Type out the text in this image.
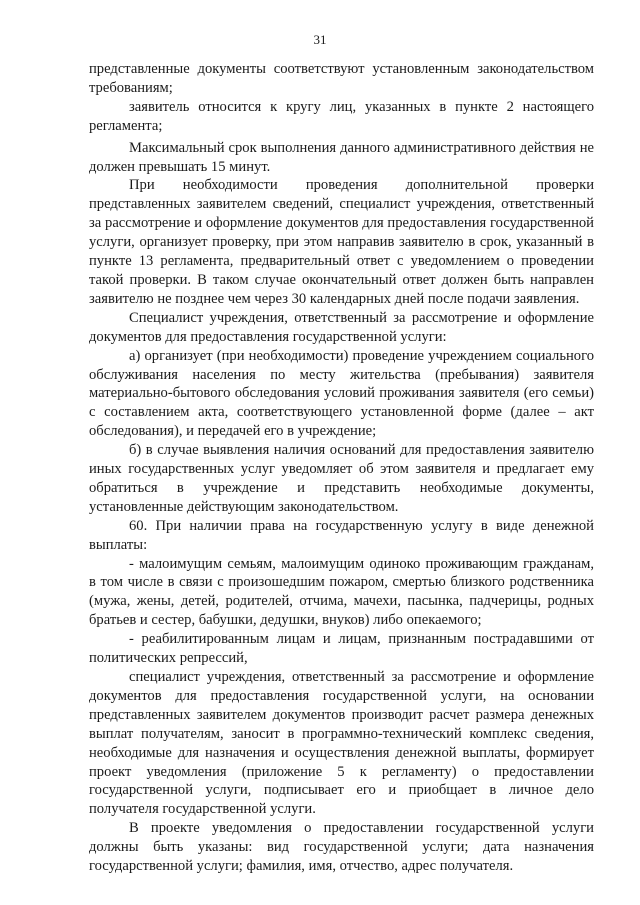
31

представленные документы соответствуют установленным законодательством требованиям;

заявитель относится к кругу лиц, указанных в пункте 2 настоящего регламента;

Максимальный срок выполнения данного административного действия не должен превышать 15 минут.

При необходимости проведения дополнительной проверки представленных заявителем сведений, специалист учреждения, ответственный за рассмотрение и оформление документов для предоставления государственной услуги, организует проверку, при этом направив заявителю в срок, указанный в пункте 13 регламента, предварительный ответ с уведомлением о проведении такой проверки. В таком случае окончательный ответ должен быть направлен заявителю не позднее чем через 30 календарных дней после подачи заявления.

Специалист учреждения, ответственный за рассмотрение и оформление документов для предоставления государственной услуги:

а) организует (при необходимости) проведение учреждением социального обслуживания населения по месту жительства (пребывания) заявителя материально-бытового обследования условий проживания заявителя (его семьи) с составлением акта, соответствующего установленной форме (далее – акт обследования), и передачей его в учреждение;

б) в случае выявления наличия оснований для предоставления заявителю иных государственных услуг уведомляет об этом заявителя и предлагает ему обратиться в учреждение и представить необходимые документы, установленные действующим законодательством.

60. При наличии права на государственную услугу в виде денежной выплаты:

- малоимущим семьям, малоимущим одиноко проживающим гражданам, в том числе в связи с произошедшим пожаром, смертью близкого родственника (мужа, жены, детей, родителей, отчима, мачехи, пасынка, падчерицы, родных братьев и сестер, бабушки, дедушки, внуков) либо опекаемого;

- реабилитированным лицам и лицам, признанным пострадавшими от политических репрессий,

специалист учреждения, ответственный за рассмотрение и оформление документов для предоставления государственной услуги, на основании представленных заявителем документов производит расчет размера денежных выплат получателям, заносит в программно-технический комплекс сведения, необходимые для назначения и осуществления денежной выплаты, формирует проект уведомления (приложение 5 к регламенту) о предоставлении государственной услуги, подписывает его и приобщает в личное дело получателя государственной услуги.

В проекте уведомления о предоставлении государственной услуги должны быть указаны: вид государственной услуги; дата назначения государственной услуги; фамилия, имя, отчество, адрес получателя.
